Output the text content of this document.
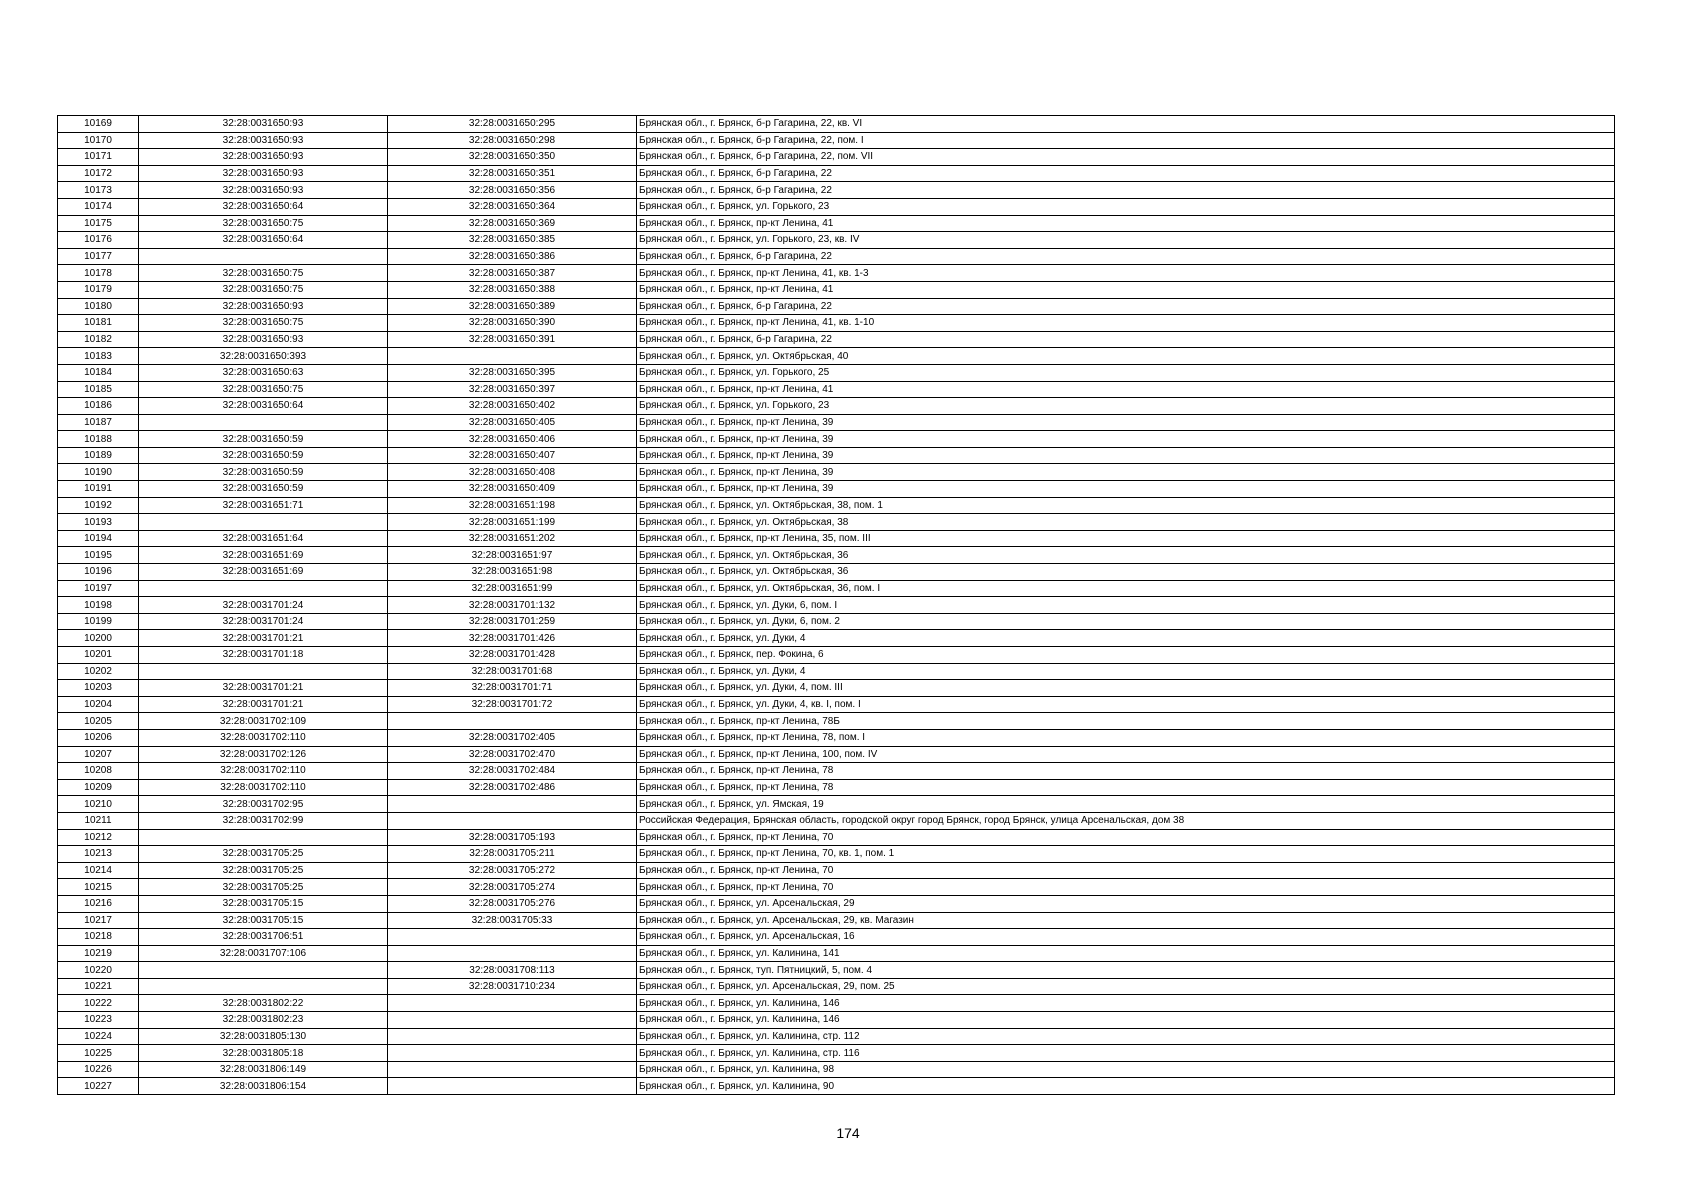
10169	32:28:0031650:93	32:28:0031650:295	Брянская обл., г. Брянск, б-р Гагарина, 22, кв. VI
10170	32:28:0031650:93	32:28:0031650:298	Брянская обл., г. Брянск, б-р Гагарина, 22, пом. I
10171	32:28:0031650:93	32:28:0031650:350	Брянская обл., г. Брянск, б-р Гагарина, 22, пом. VII
10172	32:28:0031650:93	32:28:0031650:351	Брянская обл., г. Брянск, б-р Гагарина, 22
10173	32:28:0031650:93	32:28:0031650:356	Брянская обл., г. Брянск, б-р Гагарина, 22
10174	32:28:0031650:64	32:28:0031650:364	Брянская обл., г. Брянск, ул. Горького, 23
10175	32:28:0031650:75	32:28:0031650:369	Брянская обл., г. Брянск, пр-кт Ленина, 41
10176	32:28:0031650:64	32:28:0031650:385	Брянская обл., г. Брянск, ул. Горького, 23, кв. IV
10177		32:28:0031650:386	Брянская обл., г. Брянск, б-р Гагарина, 22
10178	32:28:0031650:75	32:28:0031650:387	Брянская обл., г. Брянск, пр-кт Ленина, 41, кв. 1-3
10179	32:28:0031650:75	32:28:0031650:388	Брянская обл., г. Брянск, пр-кт Ленина, 41
10180	32:28:0031650:93	32:28:0031650:389	Брянская обл., г. Брянск, б-р Гагарина, 22
10181	32:28:0031650:75	32:28:0031650:390	Брянская обл., г. Брянск, пр-кт Ленина, 41, кв. 1-10
10182	32:28:0031650:93	32:28:0031650:391	Брянская обл., г. Брянск, б-р Гагарина, 22
10183	32:28:0031650:393		Брянская обл., г. Брянск, ул. Октябрьская, 40
10184	32:28:0031650:63	32:28:0031650:395	Брянская обл., г. Брянск, ул. Горького, 25
10185	32:28:0031650:75	32:28:0031650:397	Брянская обл., г. Брянск, пр-кт Ленина, 41
10186	32:28:0031650:64	32:28:0031650:402	Брянская обл., г. Брянск, ул. Горького, 23
10187		32:28:0031650:405	Брянская обл., г. Брянск, пр-кт Ленина, 39
10188	32:28:0031650:59	32:28:0031650:406	Брянская обл., г. Брянск, пр-кт Ленина, 39
10189	32:28:0031650:59	32:28:0031650:407	Брянская обл., г. Брянск, пр-кт Ленина, 39
10190	32:28:0031650:59	32:28:0031650:408	Брянская обл., г. Брянск, пр-кт Ленина, 39
10191	32:28:0031650:59	32:28:0031650:409	Брянская обл., г. Брянск, пр-кт Ленина, 39
10192	32:28:0031651:71	32:28:0031651:198	Брянская обл., г. Брянск, ул. Октябрьская, 38, пом. 1
10193		32:28:0031651:199	Брянская обл., г. Брянск, ул. Октябрьская, 38
10194	32:28:0031651:64	32:28:0031651:202	Брянская обл., г. Брянск, пр-кт Ленина, 35, пом. III
10195	32:28:0031651:69	32:28:0031651:97	Брянская обл., г. Брянск, ул. Октябрьская, 36
10196	32:28:0031651:69	32:28:0031651:98	Брянская обл., г. Брянск, ул. Октябрьская, 36
10197		32:28:0031651:99	Брянская обл., г. Брянск, ул. Октябрьская, 36, пом. I
10198	32:28:0031701:24	32:28:0031701:132	Брянская обл., г. Брянск, ул. Дуки, 6, пом. I
10199	32:28:0031701:24	32:28:0031701:259	Брянская обл., г. Брянск, ул. Дуки, 6, пом. 2
10200	32:28:0031701:21	32:28:0031701:426	Брянская обл., г. Брянск, ул. Дуки, 4
10201	32:28:0031701:18	32:28:0031701:428	Брянская обл., г. Брянск, пер. Фокина, 6
10202		32:28:0031701:68	Брянская обл., г. Брянск, ул. Дуки, 4
10203	32:28:0031701:21	32:28:0031701:71	Брянская обл., г. Брянск, ул. Дуки, 4, пом. III
10204	32:28:0031701:21	32:28:0031701:72	Брянская обл., г. Брянск, ул. Дуки, 4, кв. I, пом. I
10205	32:28:0031702:109		Брянская обл., г. Брянск, пр-кт Ленина, 78Б
10206	32:28:0031702:110	32:28:0031702:405	Брянская обл., г. Брянск, пр-кт Ленина, 78, пом. I
10207	32:28:0031702:126	32:28:0031702:470	Брянская обл., г. Брянск, пр-кт Ленина, 100, пом. IV
10208	32:28:0031702:110	32:28:0031702:484	Брянская обл., г. Брянск, пр-кт Ленина, 78
10209	32:28:0031702:110	32:28:0031702:486	Брянская обл., г. Брянск, пр-кт Ленина, 78
10210	32:28:0031702:95		Брянская обл., г. Брянск, ул. Ямская, 19
10211	32:28:0031702:99		Российская Федерация, Брянская область, городской округ город Брянск, город Брянск, улица Арсенальская, дом 38
10212		32:28:0031705:193	Брянская обл., г. Брянск, пр-кт Ленина, 70
10213	32:28:0031705:25	32:28:0031705:211	Брянская обл., г. Брянск, пр-кт Ленина, 70, кв. 1, пом. 1
10214	32:28:0031705:25	32:28:0031705:272	Брянская обл., г. Брянск, пр-кт Ленина, 70
10215	32:28:0031705:25	32:28:0031705:274	Брянская обл., г. Брянск, пр-кт Ленина, 70
10216	32:28:0031705:15	32:28:0031705:276	Брянская обл., г. Брянск, ул. Арсенальская, 29
10217	32:28:0031705:15	32:28:0031705:33	Брянская обл., г. Брянск, ул. Арсенальская, 29, кв. Магазин
10218	32:28:0031706:51		Брянская обл., г. Брянск, ул. Арсенальская, 16
10219	32:28:0031707:106		Брянская обл., г. Брянск, ул. Калинина, 141
10220		32:28:0031708:113	Брянская обл., г. Брянск, туп. Пятницкий, 5, пом. 4
10221		32:28:0031710:234	Брянская обл., г. Брянск, ул. Арсенальская, 29, пом. 25
10222	32:28:0031802:22		Брянская обл., г. Брянск, ул. Калинина, 146
10223	32:28:0031802:23		Брянская обл., г. Брянск, ул. Калинина, 146
10224	32:28:0031805:130		Брянская обл., г. Брянск, ул. Калинина, стр. 112
10225	32:28:0031805:18		Брянская обл., г. Брянск, ул. Калинина, стр. 116
10226	32:28:0031806:149		Брянская обл., г. Брянск, ул. Калинина, 98
10227	32:28:0031806:154		Брянская обл., г. Брянск, ул. Калинина, 90
174
